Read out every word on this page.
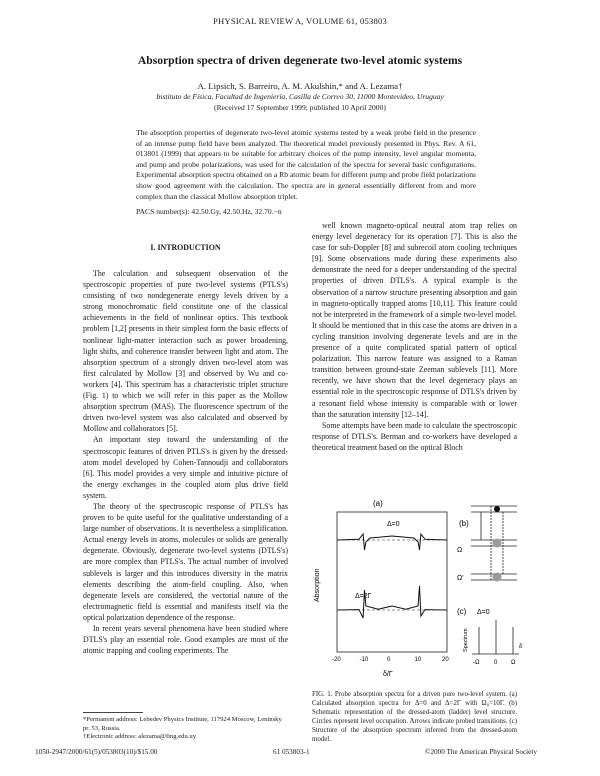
PHYSICAL REVIEW A, VOLUME 61, 053803
Absorption spectra of driven degenerate two-level atomic systems
A. Lipsich, S. Barreiro, A. M. Akulshin,* and A. Lezama†
Instituto de Física, Facultad de Ingeniería, Casilla de Correo 30, 11000 Montevideo, Uruguay
(Received 17 September 1999; published 10 April 2000)
The absorption properties of degenerate two-level atomic systems tested by a weak probe field in the presence of an intense pump field have been analyzed. The theoretical model previously presented in Phys. Rev. A 61, 013801 (1999) that appears to be suitable for arbitrary choices of the pump intensity, level angular momenta, and pump and probe polarizations, was used for the calculation of the spectra for several basic configurations. Experimental absorption spectra obtained on a Rb atomic beam for different pump and probe field polarizations show good agreement with the calculation. The spectra are in general essentially different from and more complex than the classical Mollow absorption triplet.
PACS number(s): 42.50.Gy, 42.50.Hz, 32.70.−n
I. INTRODUCTION

The calculation and subsequent observation of the spectroscopic properties of pure two-level systems (PTLS's) consisting of two nondegenerate energy levels driven by a strong monochromatic field constitute one of the classical achievements in the field of nonlinear optics. This textbook problem [1,2] presents in their simplest form the basic effects of nonlinear light-matter interaction such as power broadening, light shifts, and coherence transfer between light and atom. The absorption spectrum of a strongly driven two-level atom was first calculated by Mollow [3] and observed by Wu and co-workers [4]. This spectrum has a characteristic triplet structure (Fig. 1) to which we will refer in this paper as the Mollow absorption spectrum (MAS). The fluorescence spectrum of the driven two-level system was also calculated and observed by Mollow and collaborators [5].

An important step toward the understanding of the spectroscopic features of driven PTLS's is given by the dressed-atom model developed by Cohen-Tannoudji and collaborators [6]. This model provides a very simple and intuitive picture of the energy exchanges in the coupled atom plus drive field system.

The theory of the spectroscopic response of PTLS's has proven to be quite useful for the qualitative understanding of a large number of observations. It is nevertheless a simplification. Actual energy levels in atoms, molecules or solids are generally degenerate. Obviously, degenerate two-level systems (DTLS's) are more complex than PTLS's. The actual number of involved sublevels is larger and this introduces diversity in the matrix elements describing the atom-field coupling. Also, when degenerate levels are considered, the vectorial nature of the electromagnetic field is essential and manifests itself via the optical polarization dependence of the response.

In recent years several phenomena have been studied where DTLS's play an essential role. Good examples are most of the atomic trapping and cooling experiments. The

well known magneto-optical neutral atom trap relies on energy level degeneracy for its operation [7]. This is also the case for sub-Doppler [8] and subrecoil atom cooling techniques [9]. Some observations made during these experiments also demonstrate the need for a deeper understanding of the spectral properties of driven DTLS's. A typical example is the observation of a narrow structure presenting absorption and gain in magneto-optically trapped atoms [10,11]. This feature could not be interpreted in the framework of a simple two-level model. It should be mentioned that in this case the atoms are driven in a cycling transition involving degenerate levels and are in the presence of a quite complicated spatial pattern of optical polarization. This narrow feature was assigned to a Raman transition between ground-state Zeeman sublevels [11]. More recently, we have shown that the level degeneracy plays an essential role in the spectroscopic response of DTLS's driven by a resonant field whose intensity is comparable with or lower than the saturation intensity [12–14].

Some attempts have been made to calculate the spectroscopic response of DTLS's. Berman and co-workers have developed a theoretical treatment based on the optical Bloch

(a)
Absorption
δ/Γ
-20	-10	0	10	20
Δ=0
Δ=2Γ
(b)
Ω
Ω'
(c) Δ=0
Spectrum
-Ω 0 Ω
δ
FIG. 1. Probe absorption spectra for a driven pure two-level system. (a) Calculated absorption spectra for Δ=0 and Δ=2Γ with Ω₀=10Γ. (b) Schematic representation of the dressed-atom (ladder) level structure. Circles represent level occupation. Arrows indicate probed transitions. (c) Structure of the absorption spectrum inferred from the dressed-atom model.
*Permanent address: Lebedev Physics Institute, 117924 Moscow, Leninsky pr. 53, Russia.
†Electronic address: alezama@fing.edu.uy
1050-2947/2000/61(5)/053803(10)/$15.00	61 053803-1	©2000 The American Physical Society
